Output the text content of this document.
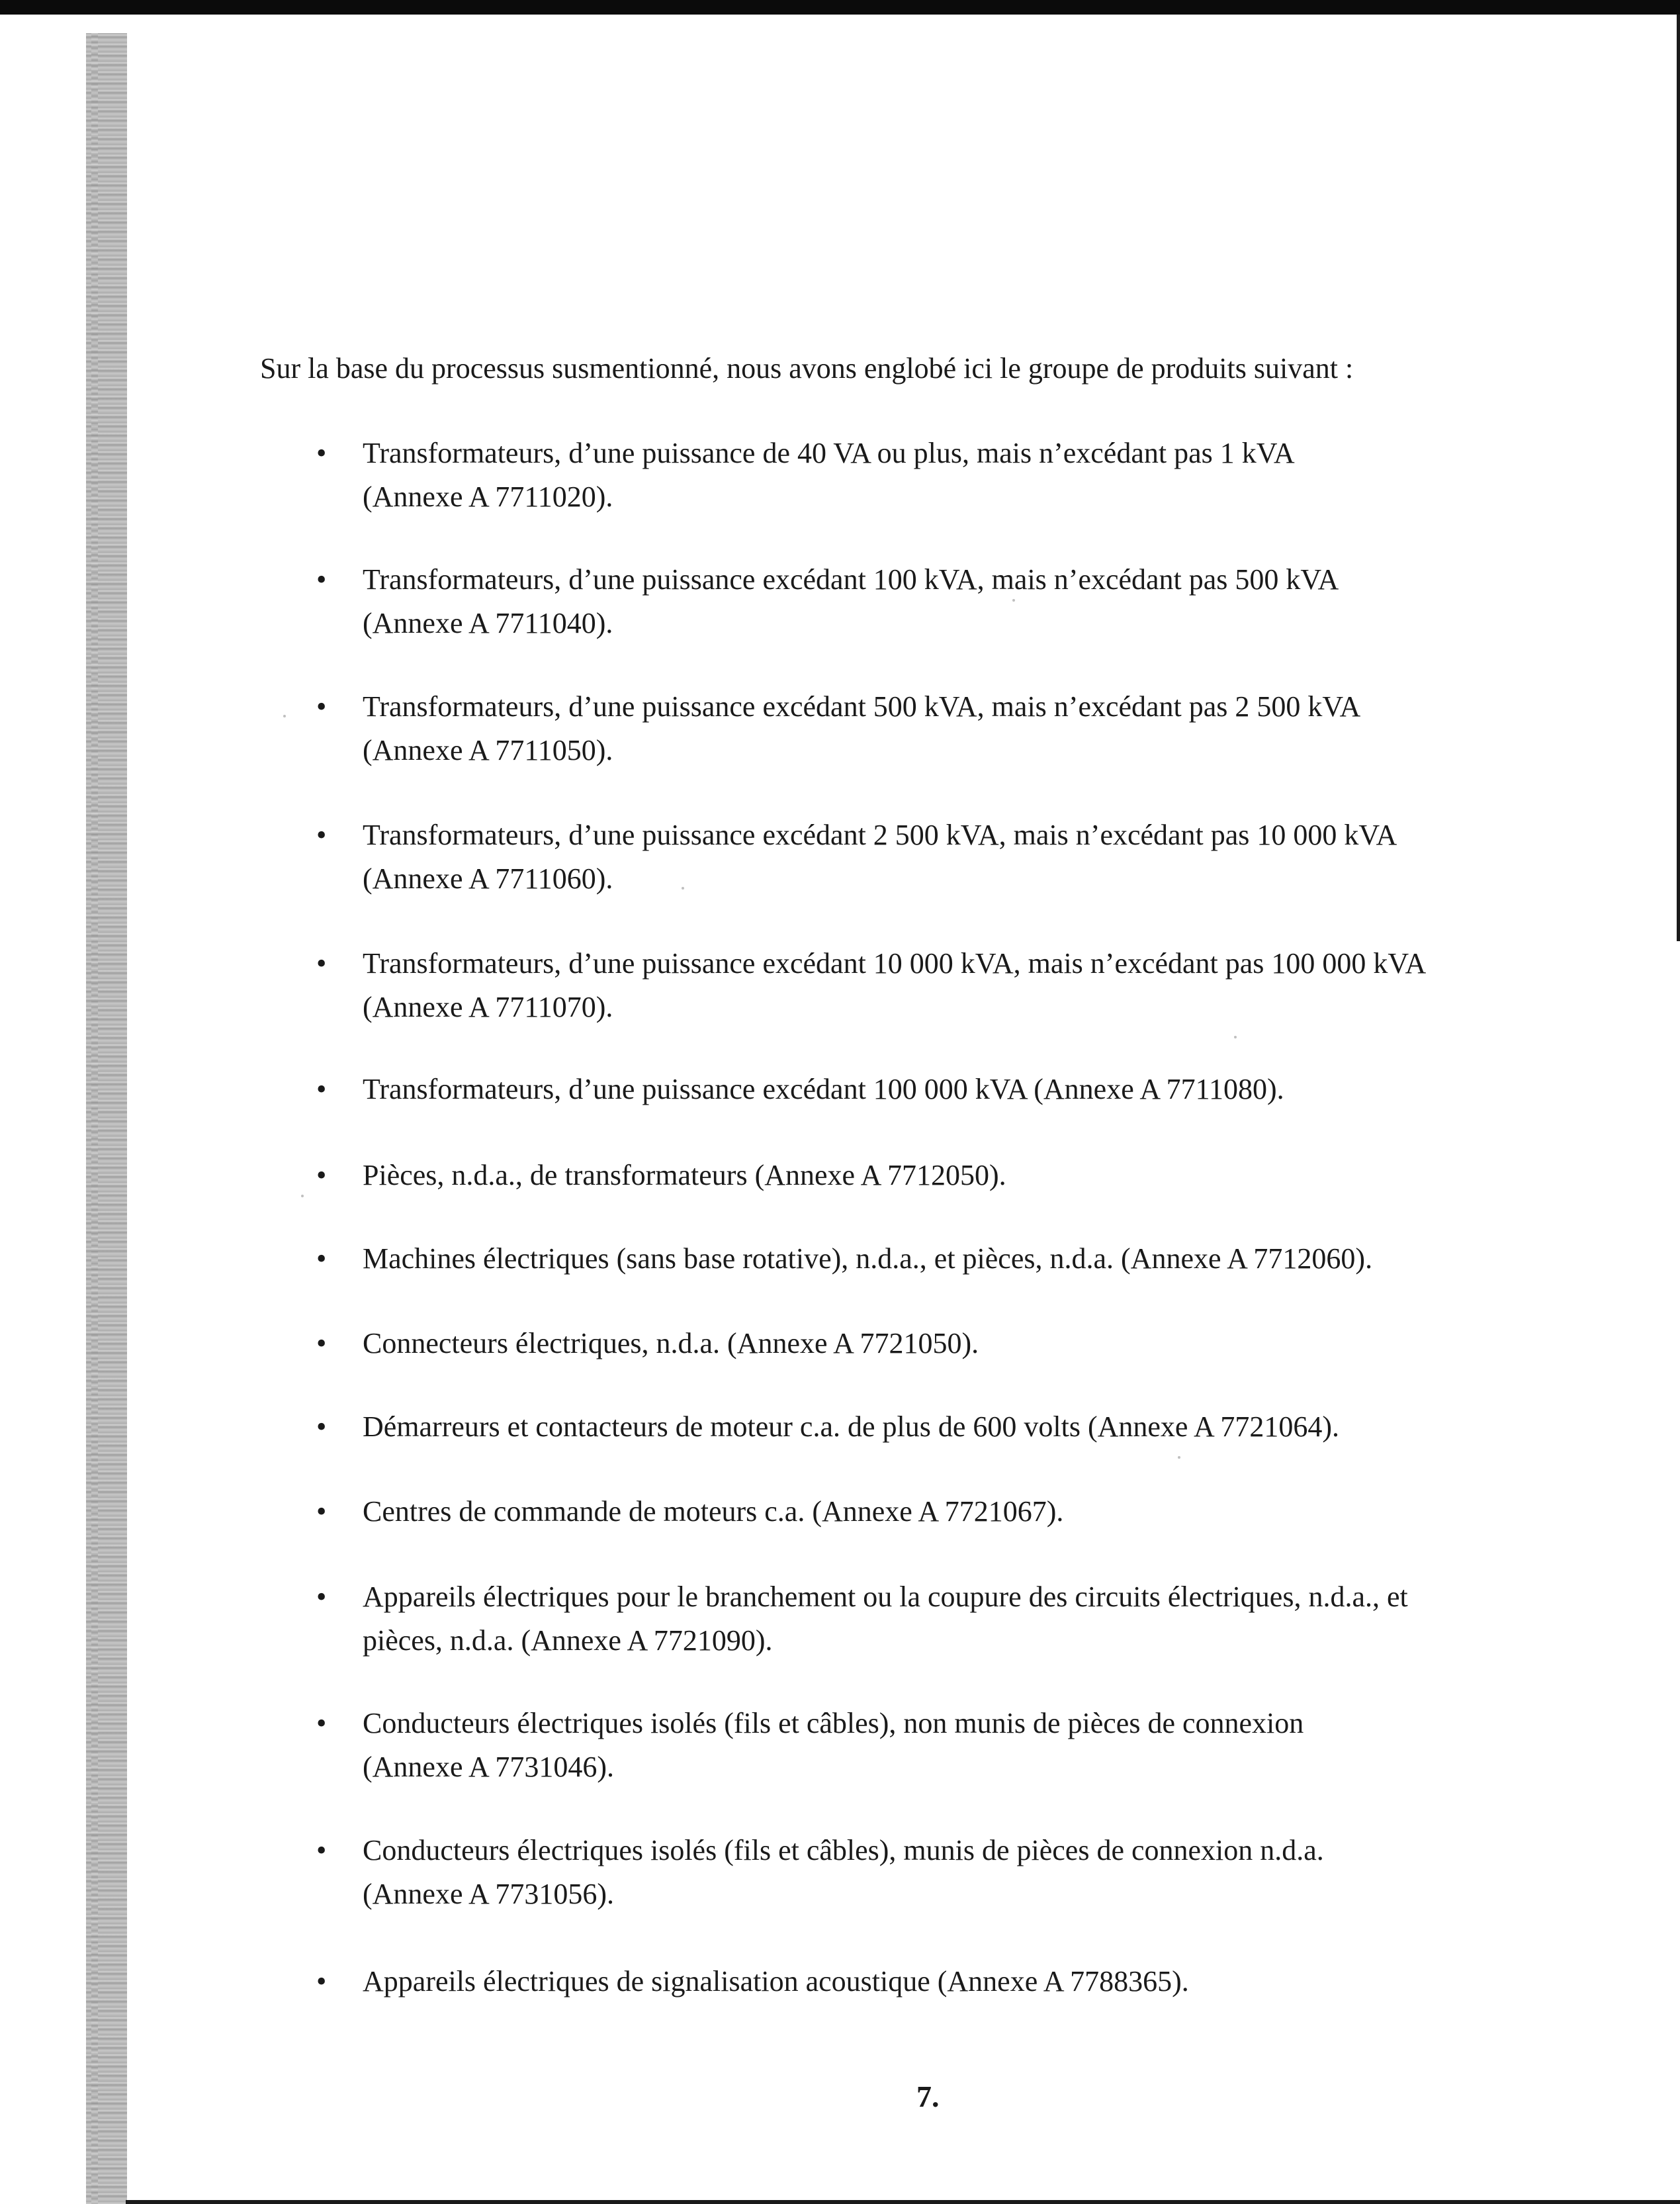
Sur la base du processus susmentionné, nous avons englobé ici le groupe de produits suivant :

•	Transformateurs, d’une puissance de 40 VA ou plus, mais n’excédant pas 1 kVA
(Annexe A 7711020).
•	Transformateurs, d’une puissance excédant 100 kVA, mais n’excédant pas 500 kVA
(Annexe A 7711040).
•	Transformateurs, d’une puissance excédant 500 kVA, mais n’excédant pas 2 500 kVA
(Annexe A 7711050).
•	Transformateurs, d’une puissance excédant 2 500 kVA, mais n’excédant pas 10 000 kVA
(Annexe A 7711060).
•	Transformateurs, d’une puissance excédant 10 000 kVA, mais n’excédant pas 100 000 kVA
(Annexe A 7711070).
•	Transformateurs, d’une puissance excédant 100 000 kVA (Annexe A 7711080).
•	Pièces, n.d.a., de transformateurs (Annexe A 7712050).
•	Machines électriques (sans base rotative), n.d.a., et pièces, n.d.a. (Annexe A 7712060).
•	Connecteurs électriques, n.d.a. (Annexe A 7721050).
•	Démarreurs et contacteurs de moteur c.a. de plus de 600 volts (Annexe A 7721064).
•	Centres de commande de moteurs c.a. (Annexe A 7721067).
•	Appareils électriques pour le branchement ou la coupure des circuits électriques, n.d.a., et
pièces, n.d.a. (Annexe A 7721090).
•	Conducteurs électriques isolés (fils et câbles), non munis de pièces de connexion
(Annexe A 7731046).
•	Conducteurs électriques isolés (fils et câbles), munis de pièces de connexion n.d.a.
(Annexe A 7731056).
•	Appareils électriques de signalisation acoustique (Annexe A 7788365).
7.
